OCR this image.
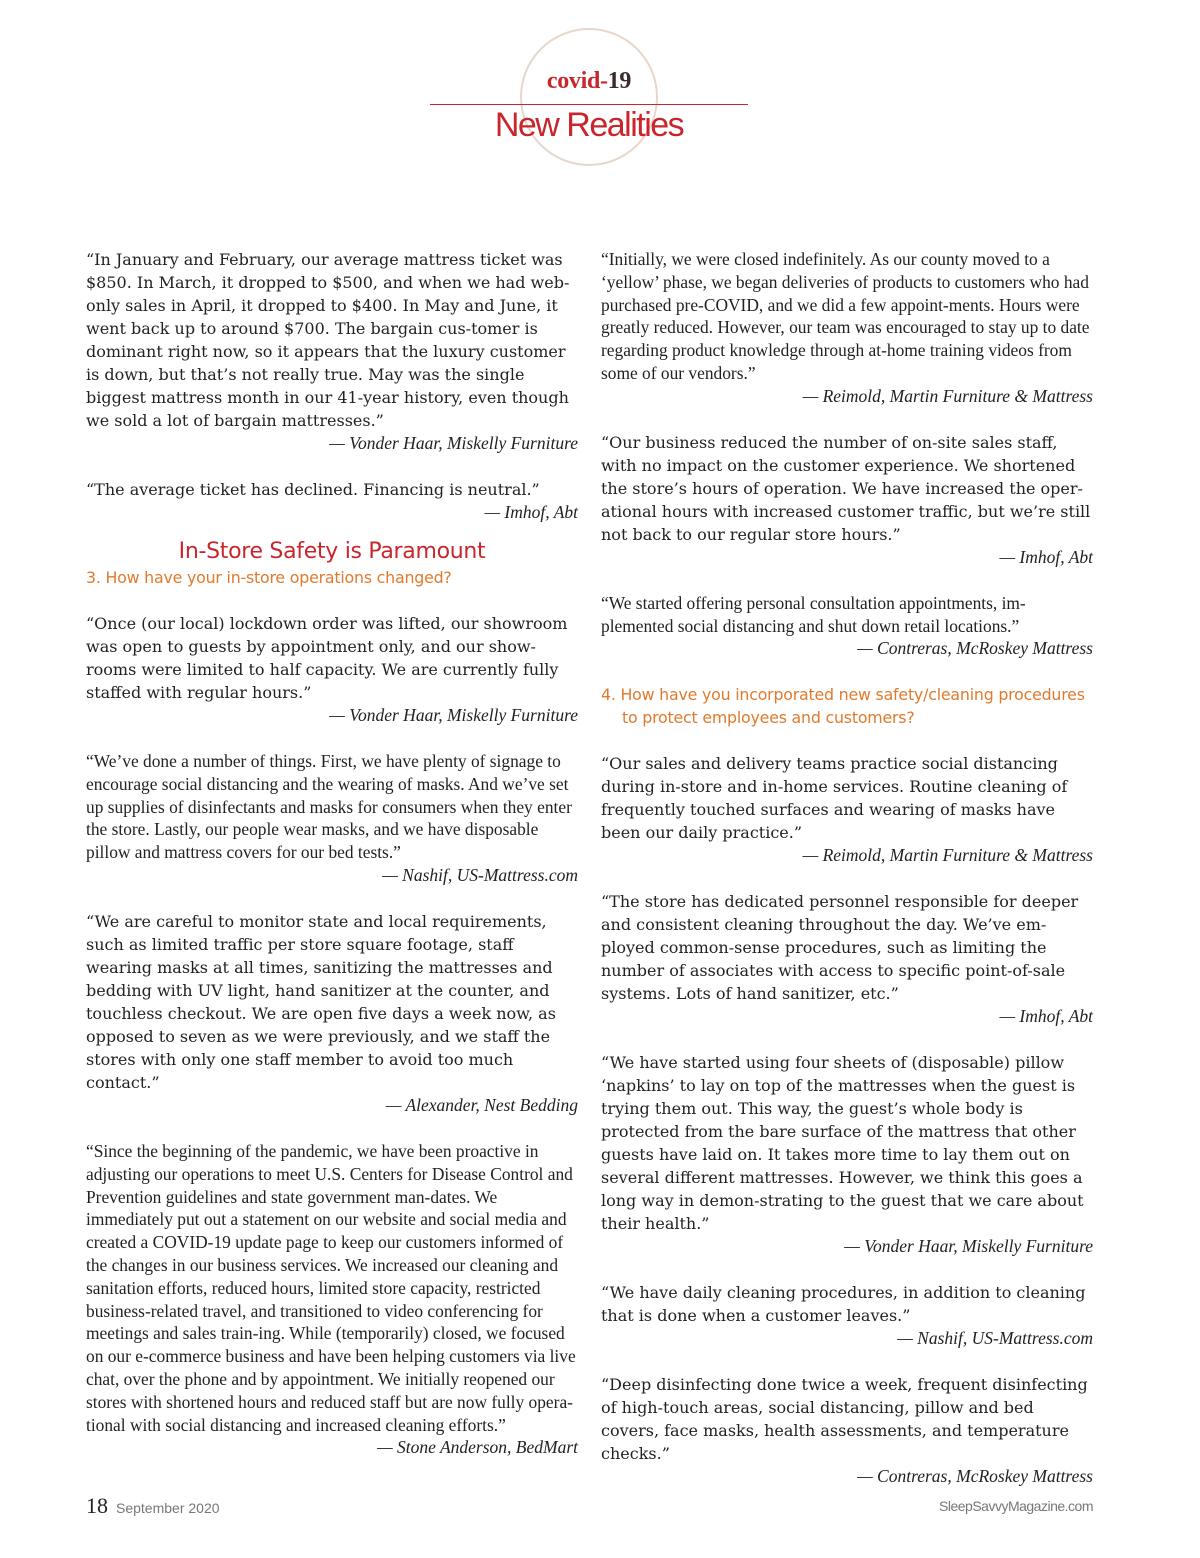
covid-19
New Realities

“In January and February, our average mattress ticket was $850. In March, it dropped to $500, and when we had web-only sales in April, it dropped to $400. In May and June, it went back up to around $700. The bargain cus-tomer is dominant right now, so it appears that the luxury customer is down, but that’s not really true. May was the single biggest mattress month in our 41-year history, even though we sold a lot of bargain mattresses.”

— Vonder Haar, Miskelly Furniture

“The average ticket has declined. Financing is neutral.”

— Imhof, Abt

In-Store Safety is Paramount

3. How have your in-store operations changed?

“Once (our local) lockdown order was lifted, our showroom was open to guests by appointment only, and our show-rooms were limited to half capacity. We are currently fully staffed with regular hours.”

— Vonder Haar, Miskelly Furniture

“We’ve done a number of things. First, we have plenty of signage to encourage social distancing and the wearing of masks. And we’ve set up supplies of disinfectants and masks for consumers when they enter the store. Lastly, our people wear masks, and we have disposable pillow and mattress covers for our bed tests.”

— Nashif, US-Mattress.com

“We are careful to monitor state and local requirements, such as limited traffic per store square footage, staff wearing masks at all times, sanitizing the mattresses and bedding with UV light, hand sanitizer at the counter, and touchless checkout. We are open five days a week now, as opposed to seven as we were previously, and we staff the stores with only one staff member to avoid too much contact.”

— Alexander, Nest Bedding

“Since the beginning of the pandemic, we have been proactive in adjusting our operations to meet U.S. Centers for Disease Control and Prevention guidelines and state government man-dates. We immediately put out a statement on our website and social media and created a COVID-19 update page to keep our customers informed of the changes in our business services. We increased our cleaning and sanitation efforts, reduced hours, limited store capacity, restricted business-related travel, and transitioned to video conferencing for meetings and sales train-ing. While (temporarily) closed, we focused on our e-commerce business and have been helping customers via live chat, over the phone and by appointment. We initially reopened our stores with shortened hours and reduced staff but are now fully opera-tional with social distancing and increased cleaning efforts.”

— Stone Anderson, BedMart

“Initially, we were closed indefinitely. As our county moved to a ‘yellow’ phase, we began deliveries of products to customers who had purchased pre-COVID, and we did a few appoint-ments. Hours were greatly reduced. However, our team was encouraged to stay up to date regarding product knowledge through at-home training videos from some of our vendors.”

— Reimold, Martin Furniture & Mattress

“Our business reduced the number of on-site sales staff, with no impact on the customer experience. We shortened the store’s hours of operation. We have increased the oper-ational hours with increased customer traffic, but we’re still not back to our regular store hours.”

— Imhof, Abt

“We started offering personal consultation appointments, im-plemented social distancing and shut down retail locations.”

— Contreras, McRoskey Mattress

4. How have you incorporated new safety/cleaning procedures to protect employees and customers?

“Our sales and delivery teams practice social distancing during in-store and in-home services. Routine cleaning of frequently touched surfaces and wearing of masks have been our daily practice.”

— Reimold, Martin Furniture & Mattress

“The store has dedicated personnel responsible for deeper and consistent cleaning throughout the day. We’ve em-ployed common-sense procedures, such as limiting the number of associates with access to specific point-of-sale systems. Lots of hand sanitizer, etc.”

— Imhof, Abt

“We have started using four sheets of (disposable) pillow ‘napkins’ to lay on top of the mattresses when the guest is trying them out. This way, the guest’s whole body is protected from the bare surface of the mattress that other guests have laid on. It takes more time to lay them out on several different mattresses. However, we think this goes a long way in demon-strating to the guest that we care about their health.”

— Vonder Haar, Miskelly Furniture

“We have daily cleaning procedures, in addition to cleaning that is done when a customer leaves.”

— Nashif, US-Mattress.com

“Deep disinfecting done twice a week, frequent disinfecting of high-touch areas, social distancing, pillow and bed covers, face masks, health assessments, and temperature checks.”

— Contreras, McRoskey Mattress

18 September 2020	SleepSavvyMagazine.com
